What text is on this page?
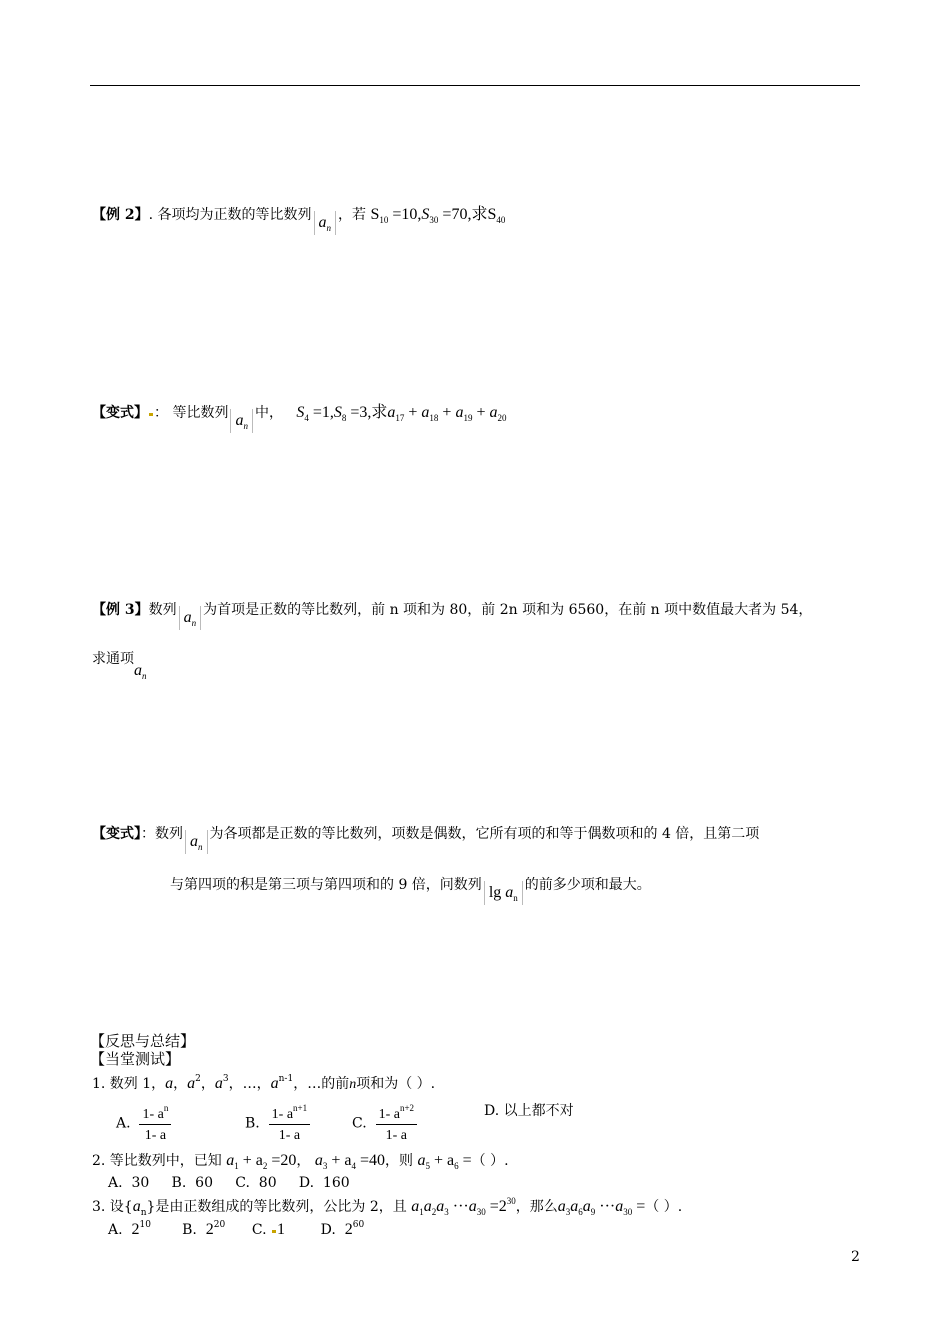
【例 2】. 各项均为正数的等比数列 $a_n$，若 $S_{10} =10,S_{30} =70$,求$S_{40}$
【变式】 ： 等比数列 $a_n$中， $S_4 =1,S_8 =3$,求$a_{17} + a_{18} + a_{19} + a_{20}$
【例 3】数列 $a_n$为首项是正数的等比数列，前 n 项和为 80，前 2n 项和为 6560，在前 n 项中数值最大者为 54，
求通项$a_n$
【变式】：数列 $a_n$为各项都是正数的等比数列，项数是偶数，它所有项的和等于偶数项和的 4 倍，且第二项
与第四项的积是第三项与第四项和的 9 倍，问数列 $\lg a_n$的前多少项和最大。
【反思与总结】
【当堂测试】
1. 数列 1，a，$a^2$，$a^3$，…，$a^{n-1}$，…的前n项和为（ ）.
A. $\frac{1- a^n}{1- a}$	B. $\frac{1- a^{n+1}}{1- a}$	C. $\frac{1- a^{n+2}}{1- a}$	D. 以上都不对
2. 等比数列中，已知 $a_1 + a_2 =20$， $a_3 + a_4 =40$，则 $a_5 + a_6$ =（ ）.
A.  30     B.  60     C.  80     D.  160
3. 设$\{a_n\}$是由正数组成的等比数列，公比为 2，且 $a_1a_2a_3 \cdot\cdot\cdot a_{30} =2^{30}$，那么$a_3a_6a_9 \cdot\cdot\cdot a_{30}$ =（ ）.
A. $2^{10}$ B. $2^{20}$ C. 1	D. $2^{60}$
2
